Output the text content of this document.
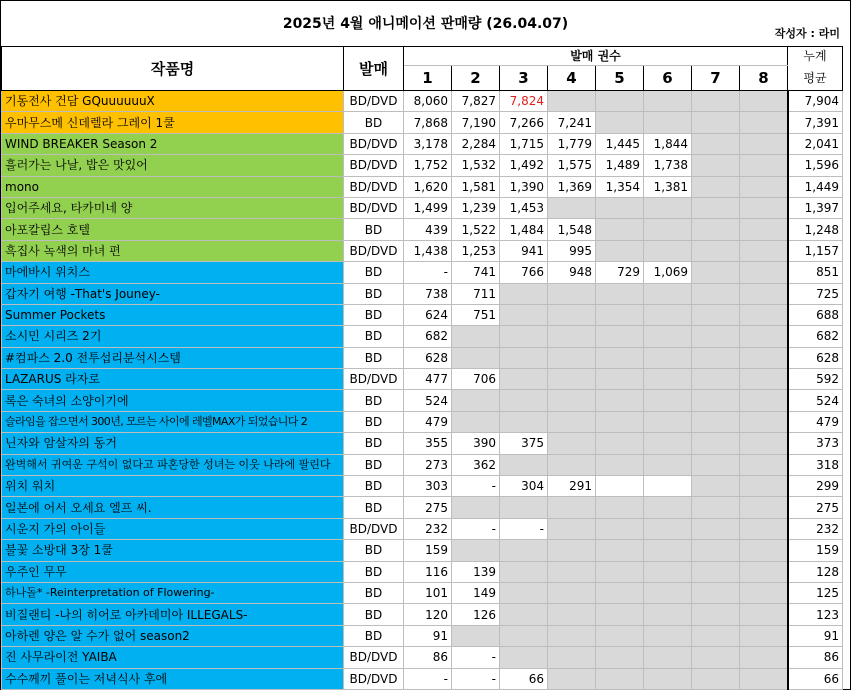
2025년 4월 애니메이션 판매량 (26.04.07)
작성자 : 라미
작품명	발매	발매 권수								누계
		1	2	3	4	5	6	7	8	평균
기동전사 건담 GQuuuuuuX	BD/DVD	8,060	7,827	7,824						7,904
우마무스메 신데렐라 그레이 1쿨	BD	7,868	7,190	7,266	7,241					7,391
WIND BREAKER Season 2	BD/DVD	3,178	2,284	1,715	1,779	1,445	1,844			2,041
흘러가는 나날, 밥은 맛있어	BD/DVD	1,752	1,532	1,492	1,575	1,489	1,738			1,596
mono	BD/DVD	1,620	1,581	1,390	1,369	1,354	1,381			1,449
입어주세요, 타카미네 양	BD/DVD	1,499	1,239	1,453						1,397
아포칼립스 호텔	BD	439	1,522	1,484	1,548					1,248
흑집사 녹색의 마녀 편	BD/DVD	1,438	1,253	941	995					1,157
마에바시 위치스	BD	-	741	766	948	729	1,069			851
갑자기 여행 -That's Jouney-	BD	738	711							725
Summer Pockets	BD	624	751							688
소시민 시리즈 2기	BD	682								682
#컴파스 2.0 전투섭리분석시스템	BD	628								628
LAZARUS 라자로	BD/DVD	477	706							592
록은 숙녀의 소양이기에	BD	524								524
슬라임을 잡으면서 300년, 모르는 사이에 레벨MAX가 되었습니다 2	BD	479								479
닌자와 암살자의 동거	BD	355	390	375						373
완벽해서 귀여운 구석이 없다고 파혼당한 성녀는 이웃 나라에 팔린다	BD	273	362							318
위치 워치	BD	303	-	304	291					299
일본에 어서 오세요 엘프 씨.	BD	275								275
시운지 가의 아이들	BD/DVD	232	-	-						232
불꽃 소방대 3장 1쿨	BD	159								159
우주인 무무	BD	116	139							128
하나돌* -Reinterpretation of Flowering-	BD	101	149							125
비질랜티 -나의 히어로 아카데미아 ILLEGALS-	BD	120	126							123
아하렌 양은 알 수가 없어 season2	BD	91								91
진 사무라이전 YAIBA	BD/DVD	86	-							86
수수께끼 풀이는 저녁식사 후에	BD/DVD	-	-	66						66
